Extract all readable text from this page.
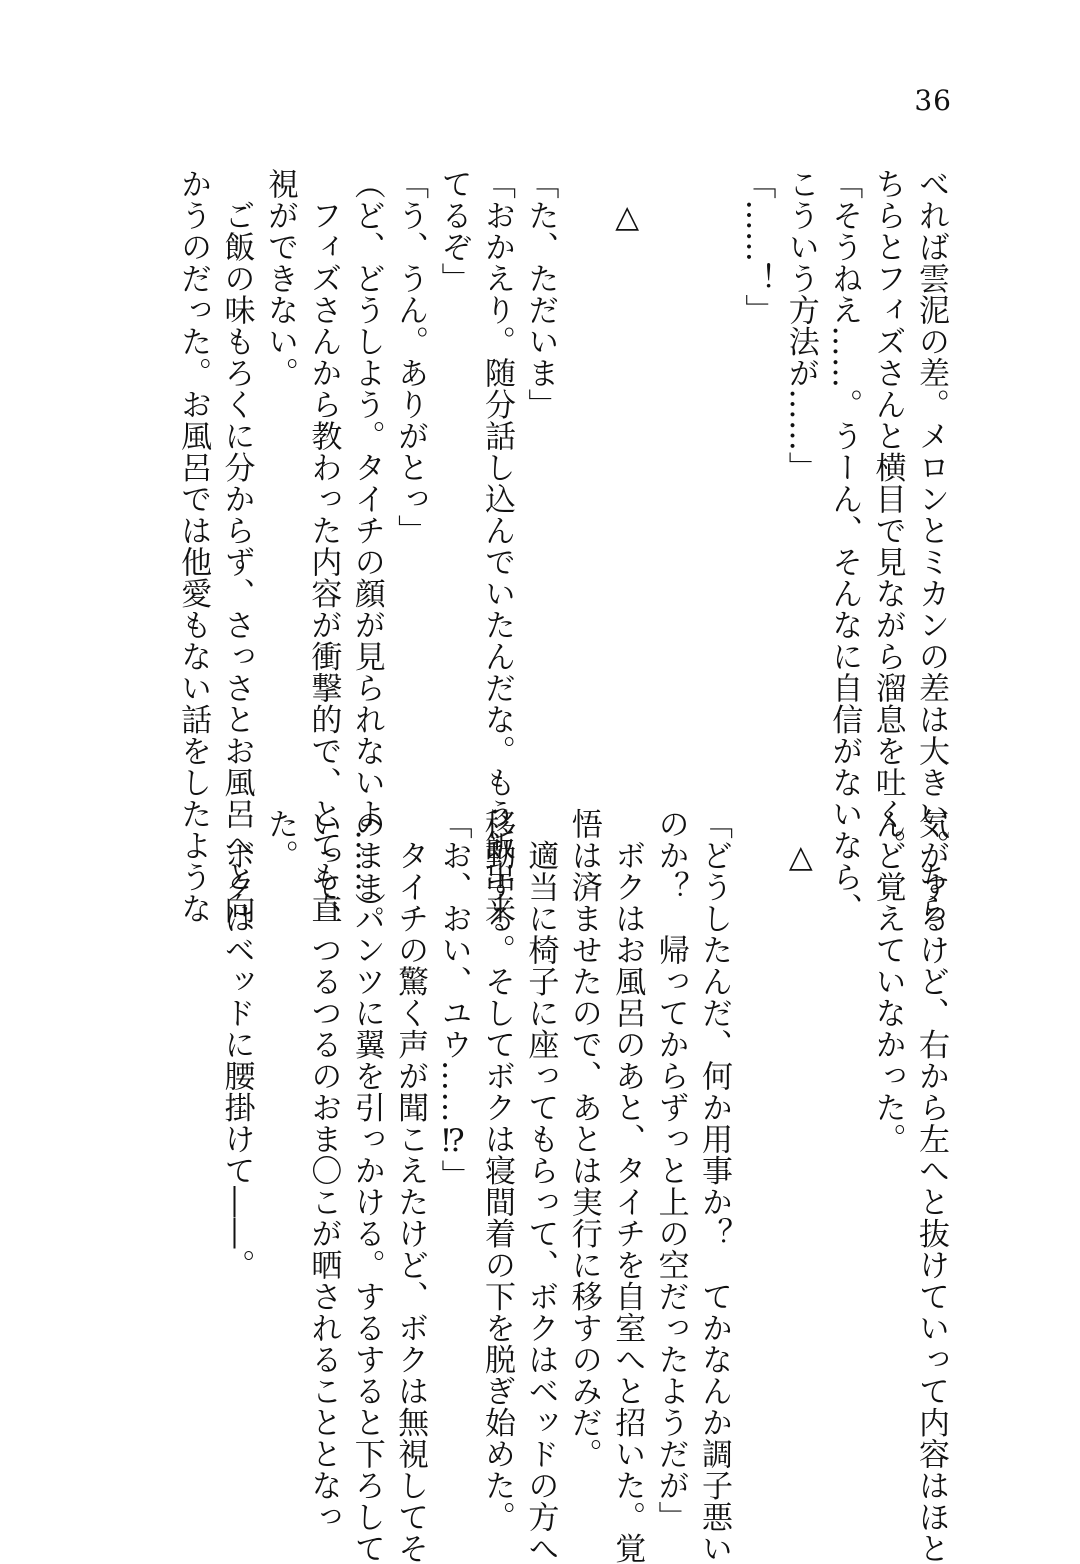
36
べれば雲泥の差。メロンとミカンの差は大きい。ちら
ちらとフィズさんと横目で見ながら溜息を吐く。
「そうねえ……。うーん、そんなに自信がないなら、
こういう方法が……」
「……！」
△
「た、ただいま」
「おかえり。随分話し込んでいたんだな。もう飯出来
てるぞ」
「う、うん。ありがとっ」
（ど、どうしよう。タイチの顔が見られないよ……）
　フィズさんから教わった内容が衝撃的で、とても直
視ができない。
　ご飯の味もろくに分からず、さっさとお風呂へと向
かうのだった。お風呂では他愛もない話をしたような
気がするけど、右から左へと抜けていって内容はほと
んど覚えていなかった。
△
「どうしたんだ、何か用事か？　てかなんか調子悪い
のか？　帰ってからずっと上の空だったようだが」
　ボクはお風呂のあと、タイチを自室へと招いた。覚
悟は済ませたので、あとは実行に移すのみだ。
　適当に椅子に座ってもらって、ボクはベッドの方へ
移動する。そしてボクは寝間着の下を脱ぎ始めた。
「お、おい、ユウ……⁉」
　タイチの驚く声が聞こえたけど、ボクは無視してそ
のままパンツに翼を引っかける。するすると下ろして
いって、つるつるのおま〇こが晒されることとなっ
た。
　ボクはベッドに腰掛けて――。
